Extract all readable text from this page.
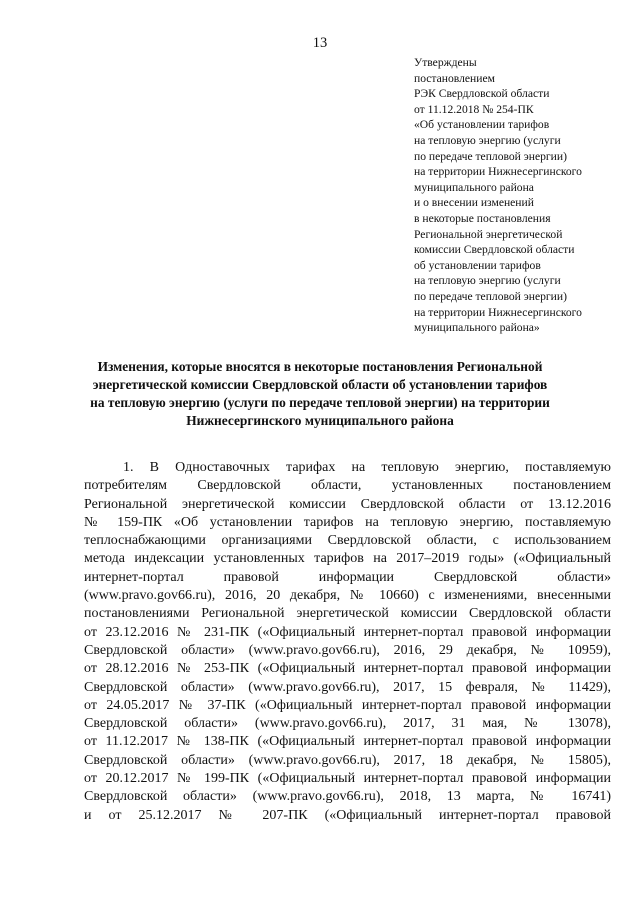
13
Утверждены
постановлением
РЭК Свердловской области
от 11.12.2018 № 254-ПК
«Об установлении тарифов
на тепловую энергию (услуги
по передаче тепловой энергии)
на территории Нижнесергинского
муниципального района
и о внесении изменений
в некоторые постановления
Региональной энергетической
комиссии Свердловской области
об установлении тарифов
на тепловую энергию (услуги
по передаче тепловой энергии)
на территории Нижнесергинского
муниципального района»
Изменения, которые вносятся в некоторые постановления Региональной
энергетической комиссии Свердловской области об установлении тарифов
на тепловую энергию (услуги по передаче тепловой энергии) на территории
Нижнесергинского муниципального района
1. В Одноставочных тарифах на тепловую энергию, поставляемую
потребителям Свердловской области, установленных постановлением
Региональной энергетической комиссии Свердловской области от 13.12.2016
№ 159-ПК «Об установлении тарифов на тепловую энергию, поставляемую
теплоснабжающими организациями Свердловской области, с использованием
метода индексации установленных тарифов на 2017–2019 годы» («Официальный
интернет-портал правовой информации Свердловской области»
(www.pravo.gov66.ru), 2016, 20 декабря, № 10660) с изменениями, внесенными
постановлениями Региональной энергетической комиссии Свердловской области
от 23.12.2016 № 231-ПК («Официальный интернет-портал правовой информации
Свердловской области» (www.pravo.gov66.ru), 2016, 29 декабря, № 10959),
от 28.12.2016 № 253-ПК («Официальный интернет-портал правовой информации
Свердловской области» (www.pravo.gov66.ru), 2017, 15 февраля, № 11429),
от 24.05.2017 № 37-ПК («Официальный интернет-портал правовой информации
Свердловской области» (www.pravo.gov66.ru), 2017, 31 мая, № 13078),
от 11.12.2017 № 138-ПК («Официальный интернет-портал правовой информации
Свердловской области» (www.pravo.gov66.ru), 2017, 18 декабря, № 15805),
от 20.12.2017 № 199-ПК («Официальный интернет-портал правовой информации
Свердловской области» (www.pravo.gov66.ru), 2018, 13 марта, № 16741)
и от 25.12.2017 № 207-ПК («Официальный интернет-портал правовой
